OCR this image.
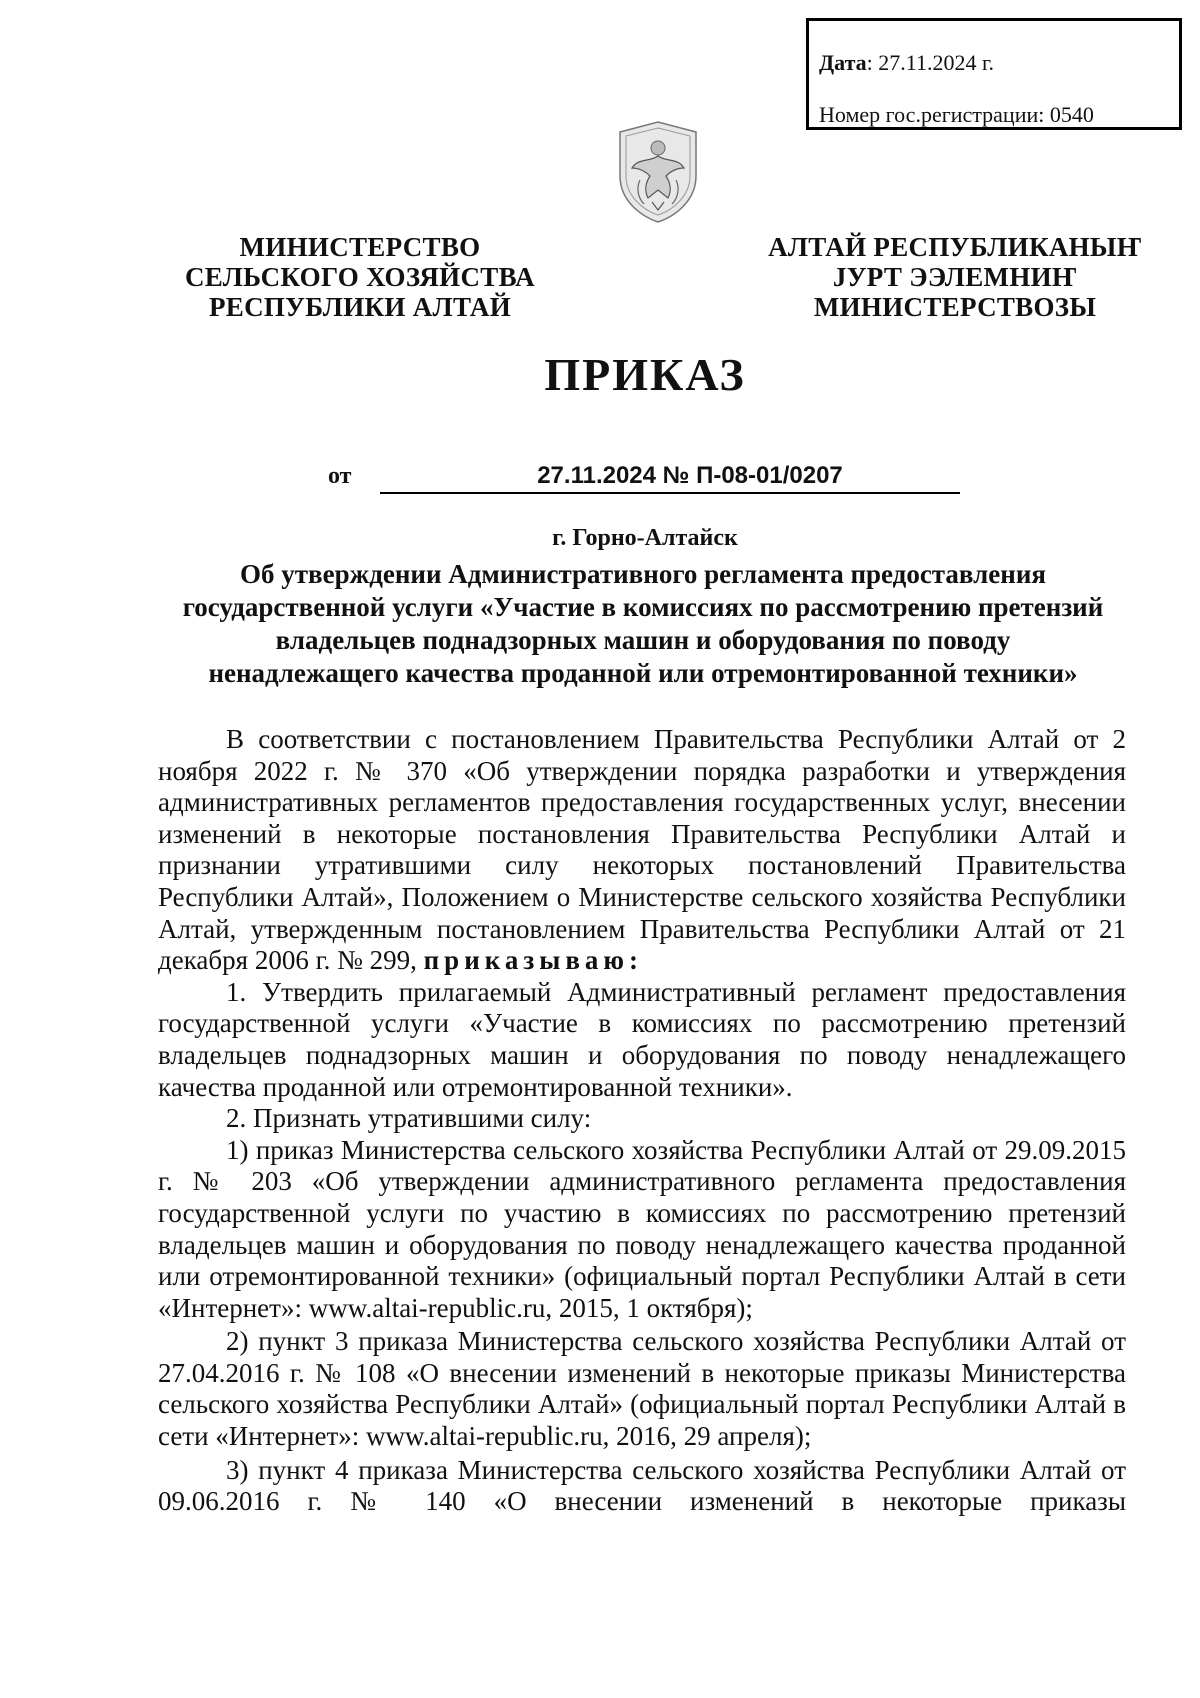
Дата: 27.11.2024 г.
Номер гос.регистрации: 0540
МИНИСТЕРСТВО
СЕЛЬСКОГО ХОЗЯЙСТВА
РЕСПУБЛИКИ АЛТАЙ
АЛТАЙ РЕСПУБЛИКАНЫҤ
ЈУРТ ЭЭЛЕМНИҤ
МИНИСТЕРСТВОЗЫ
ПРИКАЗ
от	27.11.2024 № П-08-01/0207
г. Горно-Алтайск
Об утверждении Административного регламента предоставления
государственной услуги «Участие в комиссиях по рассмотрению претензий
владельцев поднадзорных машин и оборудования по поводу
ненадлежащего качества проданной или отремонтированной техники»

В соответствии с постановлением Правительства Республики Алтай от 2 ноября 2022 г. № 370 «Об утверждении порядка разработки и утверждения административных регламентов предоставления государственных услуг, внесении изменений в некоторые постановления Правительства Республики Алтай и признании утратившими силу некоторых постановлений Правительства Республики Алтай», Положением о Министерстве сельского хозяйства Республики Алтай, утвержденным постановлением Правительства Республики Алтай от 21 декабря 2006 г. № 299, приказываю:

1. Утвердить прилагаемый Административный регламент предоставления государственной услуги «Участие в комиссиях по рассмотрению претензий владельцев поднадзорных машин и оборудования по поводу ненадлежащего качества проданной или отремонтированной техники».

2. Признать утратившими силу:

1) приказ Министерства сельского хозяйства Республики Алтай от 29.09.2015 г. № 203 «Об утверждении административного регламента предоставления государственной услуги по участию в комиссиях по рассмотрению претензий владельцев машин и оборудования по поводу ненадлежащего качества проданной или отремонтированной техники» (официальный портал Республики Алтай в сети «Интернет»: www.altai-republic.ru, 2015, 1 октября);

2) пункт 3 приказа Министерства сельского хозяйства Республики Алтай от 27.04.2016 г. № 108 «О внесении изменений в некоторые приказы Министерства сельского хозяйства Республики Алтай» (официальный портал Республики Алтай в сети «Интернет»: www.altai-republic.ru, 2016, 29 апреля);

3) пункт 4 приказа Министерства сельского хозяйства Республики Алтай от 09.06.2016 г. № 140 «О внесении изменений в некоторые приказы
